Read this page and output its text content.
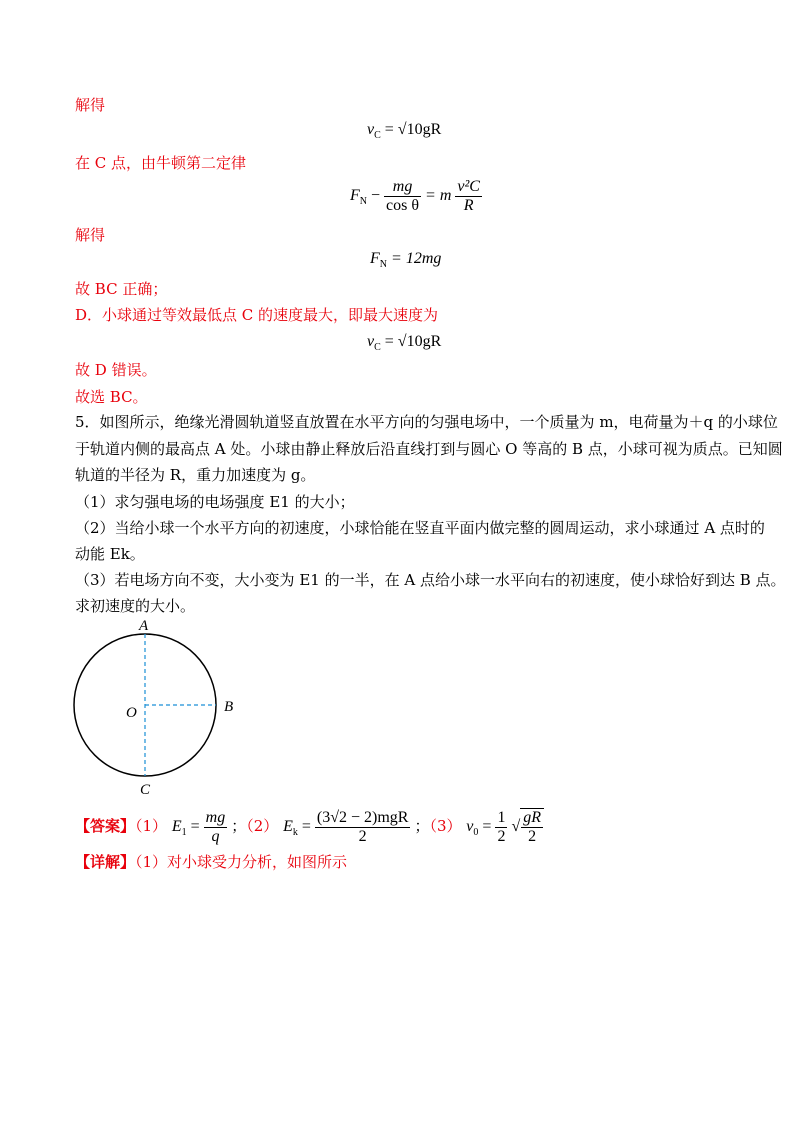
解得
$v_C = √10gR$
在 C 点，由牛顿第二定律
$F_N - \frac{mg}{\text{cos θ}} = m \frac{\text{v²C}}{R}$
解得
$F_N = 12mg$
故 BC 正确；
D．小球通过等效最低点 C 的速度最大，即最大速度为
$v_C = √10gR$
故 D 错误。
故选 BC。
5．如图所示，绝缘光滑圆轨道竖直放置在水平方向的匀强电场中，一个质量为 m，电荷量为＋q 的小球位
于轨道内侧的最高点 A 处。小球由静止释放后沿直线打到与圆心 O 等高的 B 点，小球可视为质点。已知圆
轨道的半径为 R，重力加速度为 g。
（1）求匀强电场的电场强度 E1 的大小；
（2）当给小球一个水平方向的初速度，小球恰能在竖直平面内做完整的圆周运动，求小球通过 A 点时的
动能 Ek。
（3）若电场方向不变，大小变为 E1 的一半，在 A 点给小球一水平向右的初速度，使小球恰好到达 B 点。
求初速度的大小。
A
B
C
O
【答案】（1） $E_1 = \frac{mg}{q}$ ；（2） $E_k = \frac{\text{(3√2 − 2)mgR}}{2}$ ；（3） $v_0 = \frac{1}{2}$ √ $\frac{gR}{2}$
【详解】（1）对小球受力分析，如图所示
